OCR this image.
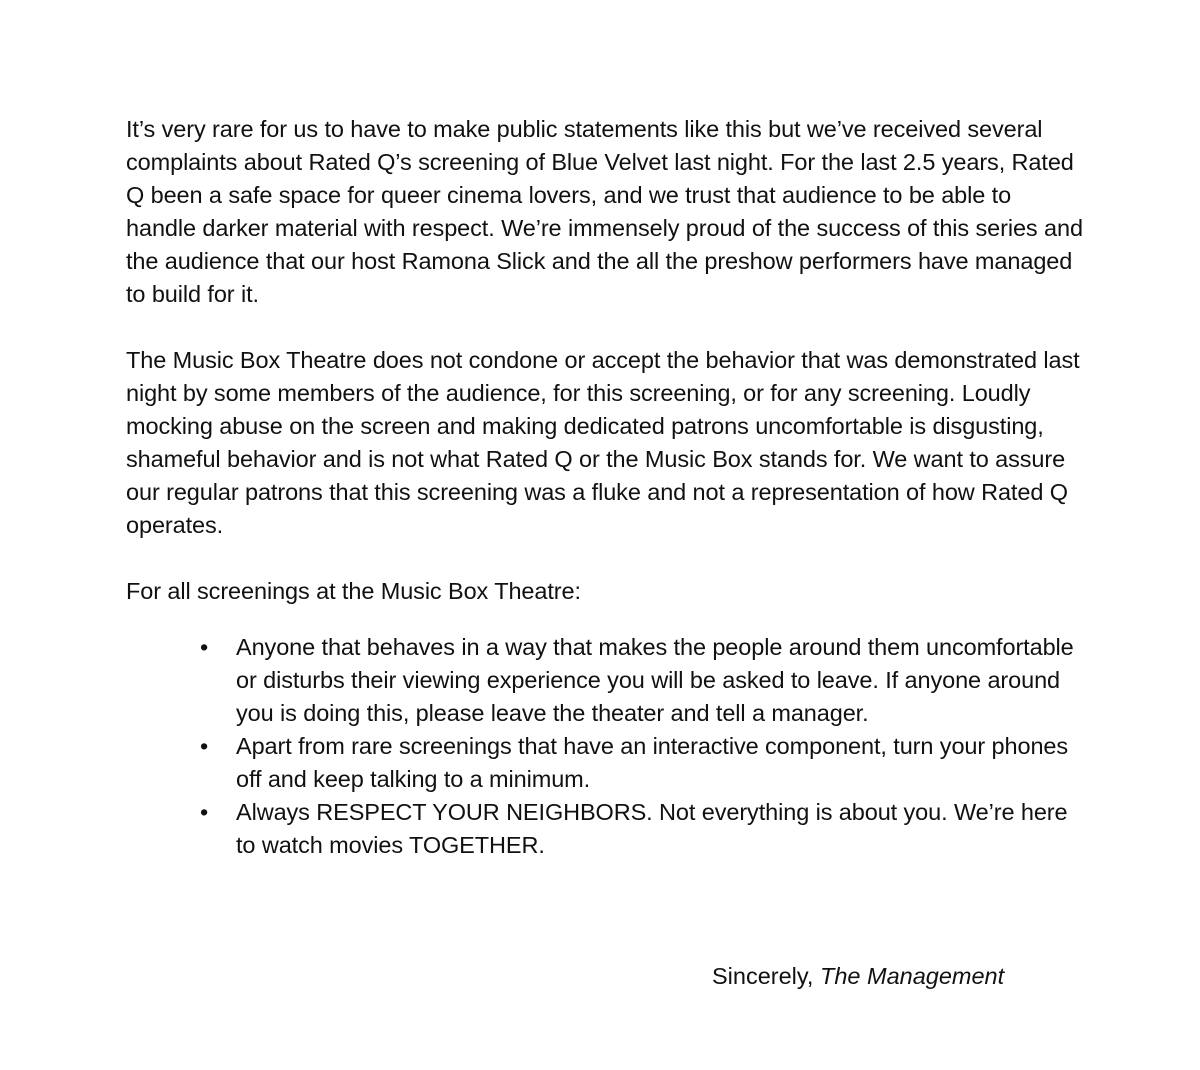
It’s very rare for us to have to make public statements like this but we’ve received several complaints about Rated Q’s screening of Blue Velvet last night. For the last 2.5 years, Rated Q been a safe space for queer cinema lovers, and we trust that audience to be able to handle darker material with respect. We’re immensely proud of the success of this series and the audience that our host Ramona Slick and the all the preshow performers have managed to build for it.

The Music Box Theatre does not condone or accept the behavior that was demonstrated last night by some members of the audience, for this screening, or for any screening. Loudly mocking abuse on the screen and making dedicated patrons uncomfortable is disgusting, shameful behavior and is not what Rated Q or the Music Box stands for. We want to assure our regular patrons that this screening was a fluke and not a representation of how Rated Q operates.

For all screenings at the Music Box Theatre:

•	Anyone that behaves in a way that makes the people around them uncomfortable or disturbs their viewing experience you will be asked to leave. If anyone around you is doing this, please leave the theater and tell a manager.
•	Apart from rare screenings that have an interactive component, turn your phones off and keep talking to a minimum.
•	Always RESPECT YOUR NEIGHBORS. Not everything is about you. We’re here to watch movies TOGETHER.
Sincerely, The Management
